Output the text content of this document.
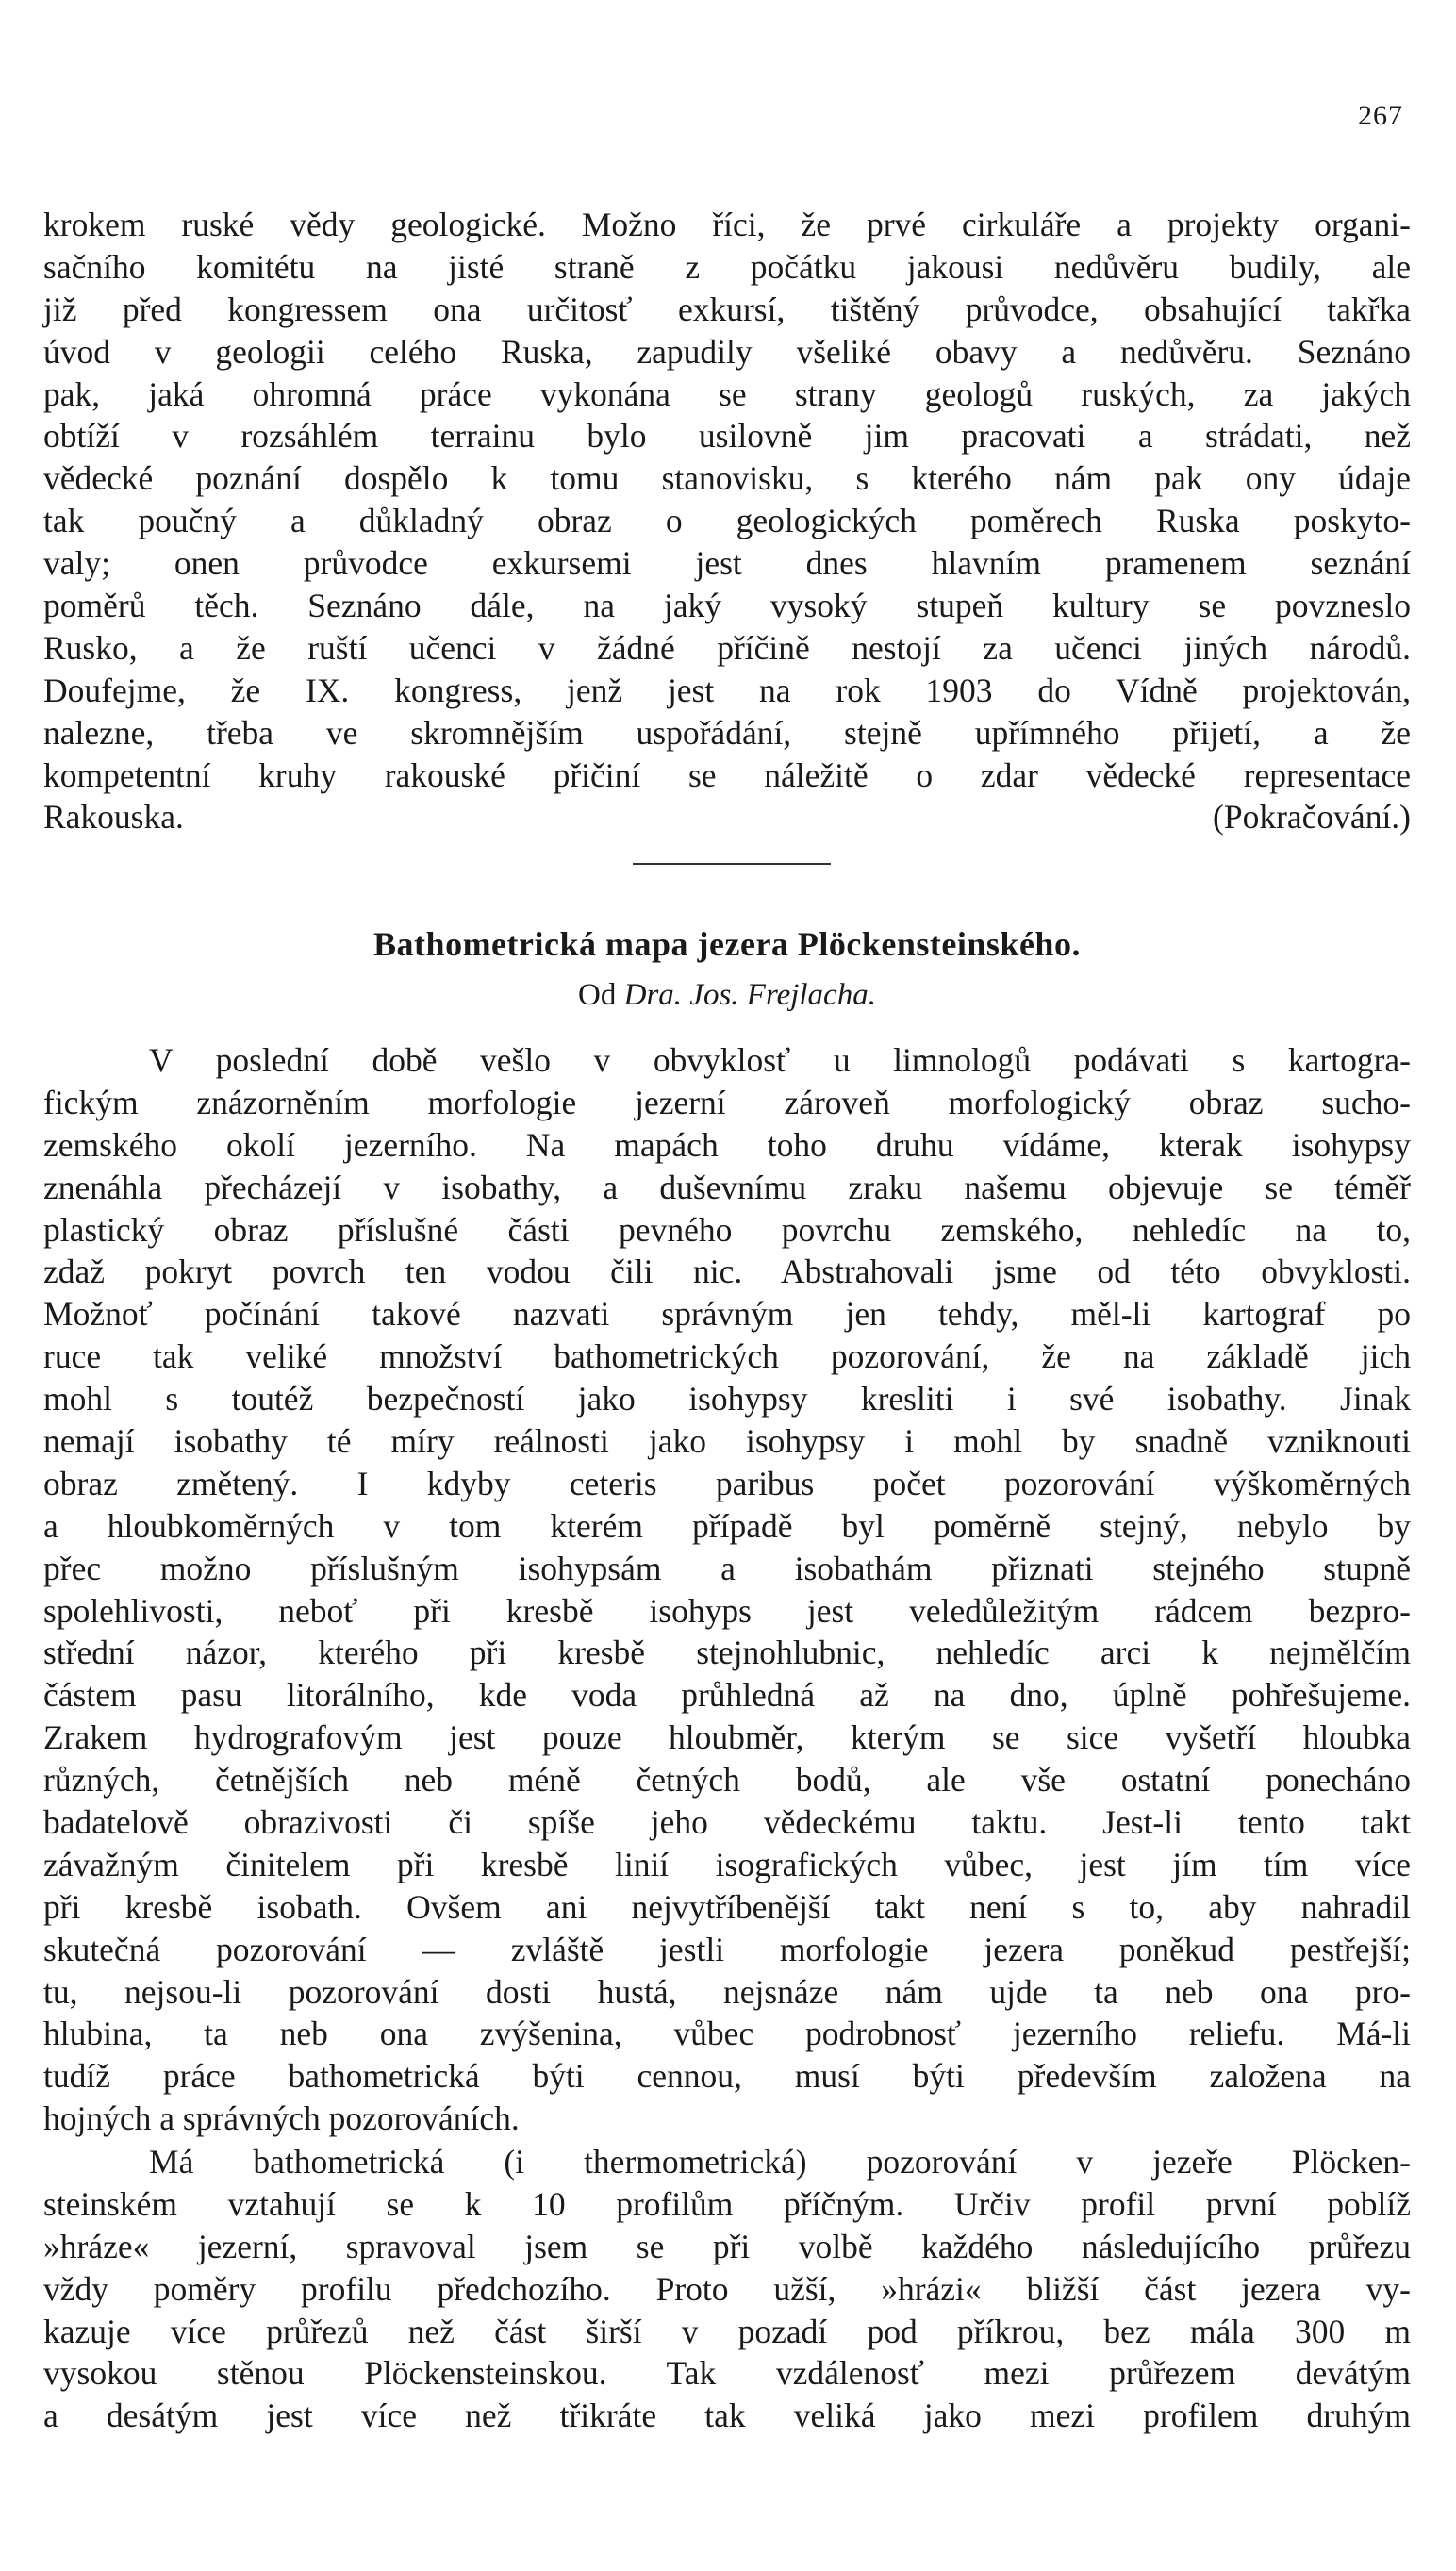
267
krokem ruské vědy geologické. Možno říci, že prvé cirkuláře a projekty organi-
sačního komitétu na jisté straně z počátku jakousi nedůvěru budily, ale
již před kongressem ona určitosť exkursí, tištěný průvodce, obsahující takřka
úvod v geologii celého Ruska, zapudily všeliké obavy a nedůvěru. Seznáno
pak, jaká ohromná práce vykonána se strany geologů ruských, za jakých
obtíží v rozsáhlém terrainu bylo usilovně jim pracovati a strádati, než
vědecké poznání dospělo k tomu stanovisku, s kterého nám pak ony údaje
tak poučný a důkladný obraz o geologických poměrech Ruska poskyto-
valy; onen průvodce exkursemi jest dnes hlavním pramenem seznání
poměrů těch. Seznáno dále, na jaký vysoký stupeň kultury se povzneslo
Rusko, a že ruští učenci v žádné příčině nestojí za učenci jiných národů.
Doufejme, že IX. kongress, jenž jest na rok 1903 do Vídně projektován,
nalezne, třeba ve skromnějším uspořádání, stejně upřímného přijetí, a že
kompetentní kruhy rakouské přičiní se náležitě o zdar vědecké representace
Rakouska.	(Pokračování.)
Bathometrická mapa jezera Plöckensteinského.
Od Dra. Jos. Frejlacha.
V poslední době vešlo v obvyklosť u limnologů podávati s kartogra-
fickým znázorněním morfologie jezerní zároveň morfologický obraz sucho-
zemského okolí jezerního. Na mapách toho druhu vídáme, kterak isohypsy
znenáhla přecházejí v isobathy, a duševnímu zraku našemu objevuje se téměř
plastický obraz příslušné části pevného povrchu zemského, nehledíc na to,
zdaž pokryt povrch ten vodou čili nic. Abstrahovali jsme od této obvyklosti.
Možnoť počínání takové nazvati správným jen tehdy, měl-li kartograf po
ruce tak veliké množství bathometrických pozorování, že na základě jich
mohl s toutéž bezpečností jako isohypsy kresliti i své isobathy. Jinak
nemají isobathy té míry reálnosti jako isohypsy i mohl by snadně vzniknouti
obraz změtený. I kdyby ceteris paribus počet pozorování výškoměrných
a hloubkoměrných v tom kterém případě byl poměrně stejný, nebylo by
přec možno příslušným isohypsám a isobathám přiznati stejného stupně
spolehlivosti, neboť při kresbě isohyps jest veledůležitým rádcem bezpro-
střední názor, kterého při kresbě stejnohlubnic, nehledíc arci k nejmělčím
částem pasu litorálního, kde voda průhledná až na dno, úplně pohřešujeme.
Zrakem hydrografovým jest pouze hloubměr, kterým se sice vyšetří hloubka
různých, četnějších neb méně četných bodů, ale vše ostatní ponecháno
badatelově obrazivosti či spíše jeho vědeckému taktu. Jest-li tento takt
závažným činitelem při kresbě linií isografických vůbec, jest jím tím více
při kresbě isobath. Ovšem ani nejvytříbenější takt není s to, aby nahradil
skutečná pozorování — zvláště jestli morfologie jezera poněkud pestřejší;
tu, nejsou-li pozorování dosti hustá, nejsnáze nám ujde ta neb ona pro-
hlubina, ta neb ona zvýšenina, vůbec podrobnosť jezerního reliefu. Má-li
tudíž práce bathometrická býti cennou, musí býti především založena na
hojných a správných pozorováních.
Má bathometrická (i thermometrická) pozorování v jezeře Plöcken-
steinském vztahují se k 10 profilům příčným. Určiv profil první poblíž
»hráze« jezerní, spravoval jsem se při volbě každého následujícího průřezu
vždy poměry profilu předchozího. Proto užší, »hrázi« bližší část jezera vy-
kazuje více průřezů než část širší v pozadí pod příkrou, bez mála 300 m
vysokou stěnou Plöckensteinskou. Tak vzdálenosť mezi průřezem devátým
a desátým jest více než třikráte tak veliká jako mezi profilem druhým
